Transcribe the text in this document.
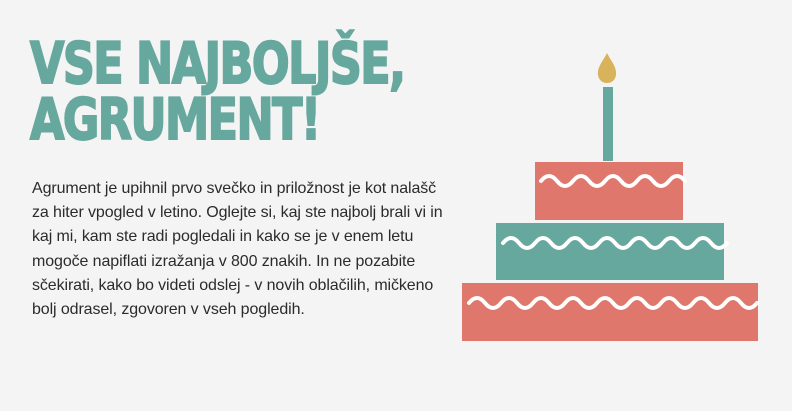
VSE NAJBOLJŠE,
AGRUMENT!

Agrument je upihnil prvo svečko in priložnost je kot nalašč za hiter vpogled v letino. Oglejte si, kaj ste najbolj brali vi in kaj mi, kam ste radi pogledali in kako se je v enem letu mogoče napiflati izražanja v 800 znakih. In ne pozabite sčekirati, kako bo videti odslej - v novih oblačilih, mičkeno bolj odrasel, zgovoren v vseh pogledih.
